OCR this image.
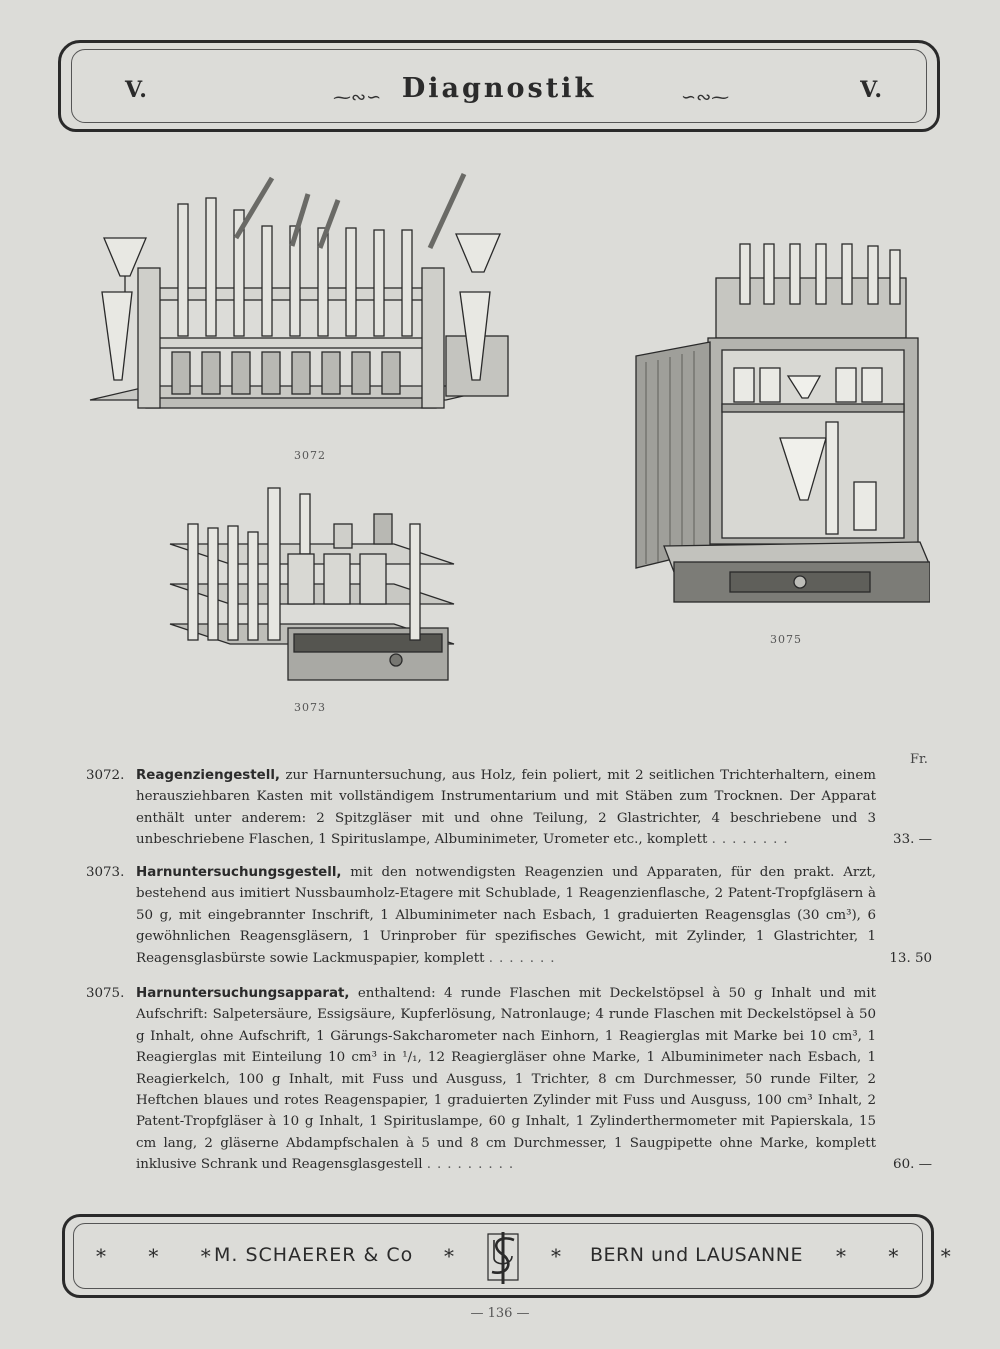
V.	⁓∾∽ Diagnostik	∽∾⁓	V.
3072
3073
3075
Fr.
3072. Reagenziengestell, zur Harnuntersuchung, aus Holz, fein poliert, mit 2 seitlichen Trichterhaltern, einem herausziehbaren Kasten mit vollständigem Instrumentarium und mit Stäben zum Trocknen. Der Apparat enthält unter anderem: 2 Spitzgläser mit und ohne Teilung, 2 Glastrichter, 4 beschriebene und 3 unbeschriebene Flaschen, 1 Spirituslampe, Albuminimeter, Urometer etc., komplett ........	33. —
3073. Harnuntersuchungsgestell, mit den notwendigsten Reagenzien und Apparaten, für den prakt. Arzt, bestehend aus imitiert Nussbaumholz-Etagere mit Schublade, 1 Reagenzienflasche, 2 Patent-Tropfgläsern à 50 g, mit eingebrannter Inschrift, 1 Albuminimeter nach Esbach, 1 graduierten Reagensglas (30 cm³), 6 gewöhnlichen Reagensgläsern, 1 Urinprober für spezifisches Gewicht, mit Zylinder, 1 Glastrichter, 1 Reagensglasbürste sowie Lackmuspapier, komplett .......	13. 50
3075. Harnuntersuchungsapparat, enthaltend: 4 runde Flaschen mit Deckelstöpsel à 50 g Inhalt und mit Aufschrift: Salpetersäure, Essigsäure, Kupferlösung, Natronlauge; 4 runde Flaschen mit Deckelstöpsel à 50 g Inhalt, ohne Aufschrift, 1 Gärungs-Sakcharometer nach Einhorn, 1 Reagierglas mit Marke bei 10 cm³, 1 Reagierglas mit Einteilung 10 cm³ in ¹/₁, 12 Reagiergläser ohne Marke, 1 Albuminimeter nach Esbach, 1 Reagierkelch, 100 g Inhalt, mit Fuss und Ausguss, 1 Trichter, 8 cm Durchmesser, 50 runde Filter, 2 Heftchen blaues und rotes Reagenspapier, 1 graduierten Zylinder mit Fuss und Ausguss, 100 cm³ Inhalt, 2 Patent-Tropfgläser à 10 g Inhalt, 1 Spirituslampe, 60 g Inhalt, 1 Zylinderthermometer mit Papierskala, 15 cm lang, 2 gläserne Abdampfschalen à 5 und 8 cm Durchmesser, 1 Saugpipette ohne Marke, komplett inklusive Schrank und Reagensglasgestell .........	60. —
* * *
M. SCHAERER & Co *	* BERN und LAUSANNE * * *
— 136 —
